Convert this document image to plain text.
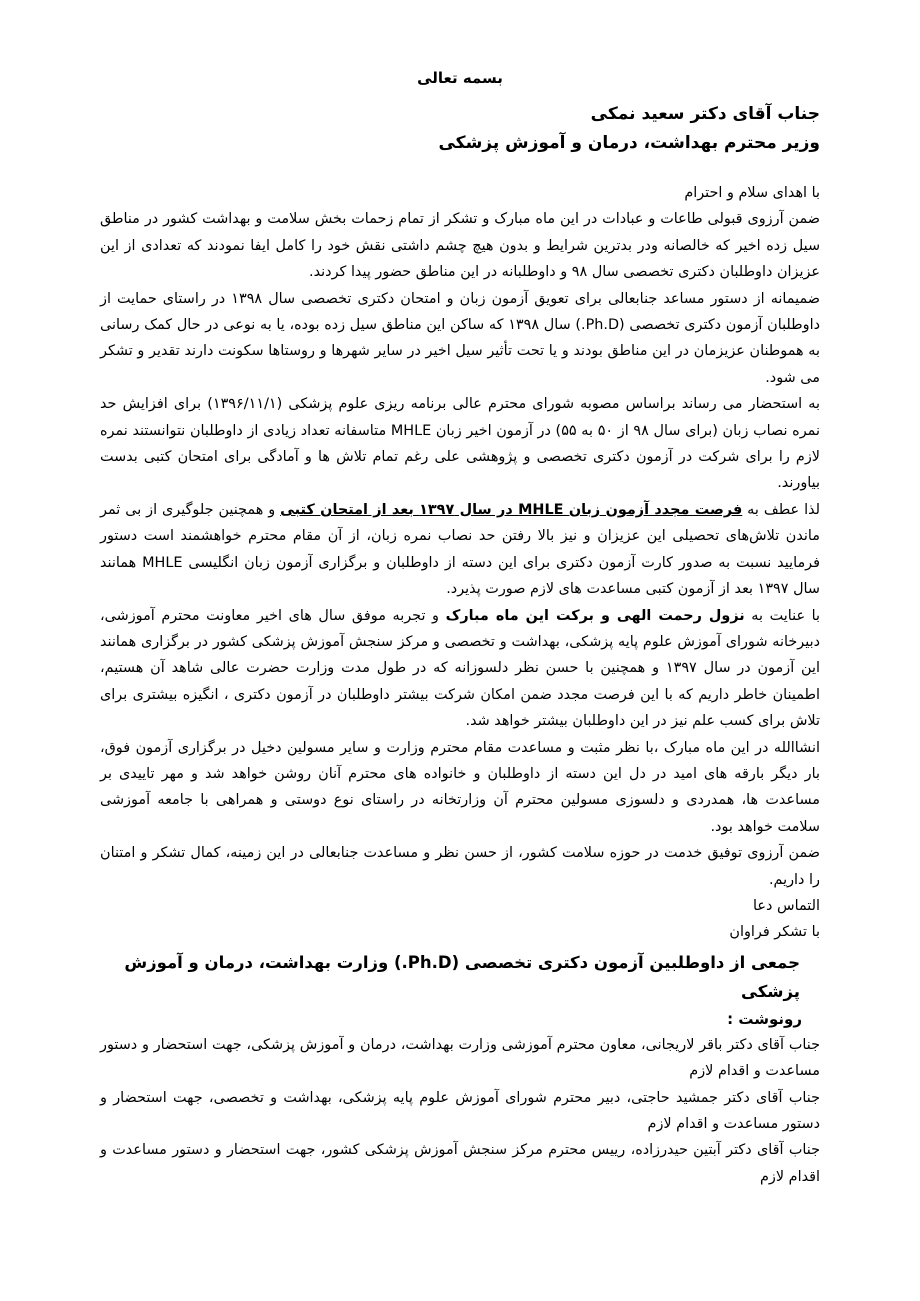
بسمه تعالی
جناب آقای دکتر سعید نمکی
وزیر محترم بهداشت، درمان و آموزش پزشکی

با اهدای سلام و احترام

ضمن آرزوی قبولی طاعات و عبادات در این ماه مبارک و تشکر از تمام زحمات بخش سلامت و بهداشت کشور در مناطق سیل زده اخیر که خالصانه ودر بدترین شرایط و بدون هیچ چشم داشتی نقش خود را کامل ایفا نمودند که تعدادی از این عزیزان داوطلبان دکتری تخصصی سال ۹۸ و داوطلبانه در این مناطق حضور پیدا کردند.

ضمیمانه از دستور مساعد جنابعالی برای تعویق آزمون زبان و امتحان دکتری تخصصی سال ۱۳۹۸ در راستای حمایت از داوطلبان آزمون دکتری تخصصی (Ph.D.) سال ۱۳۹۸ که ساکن این مناطق سیل زده بوده، یا به نوعی در حال کمک رسانی به هموطنان عزیزمان در این مناطق بودند و یا تحت تأثیر سیل اخیر در سایر شهرها و روستاها سکونت دارند تقدیر و تشکر می شود.

به استحضار می رساند براساس مصوبه شورای محترم عالی برنامه ریزی علوم پزشکی (۱۳۹۶/۱۱/۱) برای افزایش حد نمره نصاب زبان (برای سال ۹۸ از ۵۰ به ۵۵) در آزمون اخیر زبان MHLE متاسفانه تعداد زیادی از داوطلبان نتوانستند نمره لازم را برای شرکت در آزمون دکتری تخصصی و پژوهشی علی رغم تمام تلاش ها و آمادگی برای امتحان کتبی بدست بیاورند.

لذا عطف به فرصت مجدد آزمون زبان MHLE در سال ۱۳۹۷ بعد از امتحان کتبی و همچنین جلوگیری از بی ثمر ماندن تلاش‌های تحصیلی این عزیزان و نیز بالا رفتن حد نصاب نمره زبان، از آن مقام محترم خواهشمند است دستور فرمایید نسبت به صدور کارت آزمون دکتری برای این دسته از داوطلبان و برگزاری آزمون زبان انگلیسی MHLE همانند سال ۱۳۹۷ بعد از آزمون کتبی مساعدت های لازم صورت پذیرد.

با عنایت به نزول رحمت الهی و برکت این ماه مبارک و تجربه موفق سال های اخیر معاونت محترم آموزشی، دبیرخانه شورای آموزش علوم پایه پزشکی، بهداشت و تخصصی و مرکز سنجش آموزش پزشکی کشور در برگزاری همانند این آزمون در سال ۱۳۹۷ و همچنین با حسن نظر دلسوزانه که در طول مدت وزارت حضرت عالی شاهد آن هستیم، اطمینان خاطر داریم که با این فرصت مجدد ضمن امکان شرکت بیشتر داوطلبان در آزمون دکتری ، انگیزه بیشتری برای تلاش برای کسب علم نیز در این داوطلبان بیشتر خواهد شد.

انشاالله در این ماه مبارک ،با نظر مثبت و مساعدت مقام محترم وزارت و سایر مسولین دخیل در برگزاری آزمون فوق، بار دیگر بارقه های امید در دل این دسته از داوطلبان و خانواده های محترم آنان روشن خواهد شد و مهر تاییدی بر مساعدت ها، همدردی و دلسوزی مسولین محترم آن وزارتخانه در راستای نوع دوستی و همراهی با جامعه آموزشی سلامت خواهد بود.

ضمن آرزوی توفیق خدمت در حوزه سلامت کشور، از حسن نظر و مساعدت جنابعالی در این زمینه، کمال تشکر و امتنان را داریم.

التماس دعا

با تشکر فراوان

جمعی از داوطلبین آزمون دکتری تخصصی (Ph.D.) وزارت بهداشت، درمان و آموزش پزشکی
رونوشت :

جناب آقای دکتر باقر لاریجانی، معاون محترم آموزشی وزارت بهداشت، درمان و آموزش پزشکی، جهت استحضار و دستور مساعدت و اقدام لازم

جناب آقای دکتر جمشید حاجتی، دبیر محترم شورای آموزش علوم پایه پزشکی، بهداشت و تخصصی، جهت استحضار و دستور مساعدت و اقدام لازم

جناب آقای دکتر آبتین حیدرزاده، رییس محترم مرکز سنجش آموزش پزشکی کشور، جهت استحضار و دستور مساعدت و اقدام لازم
